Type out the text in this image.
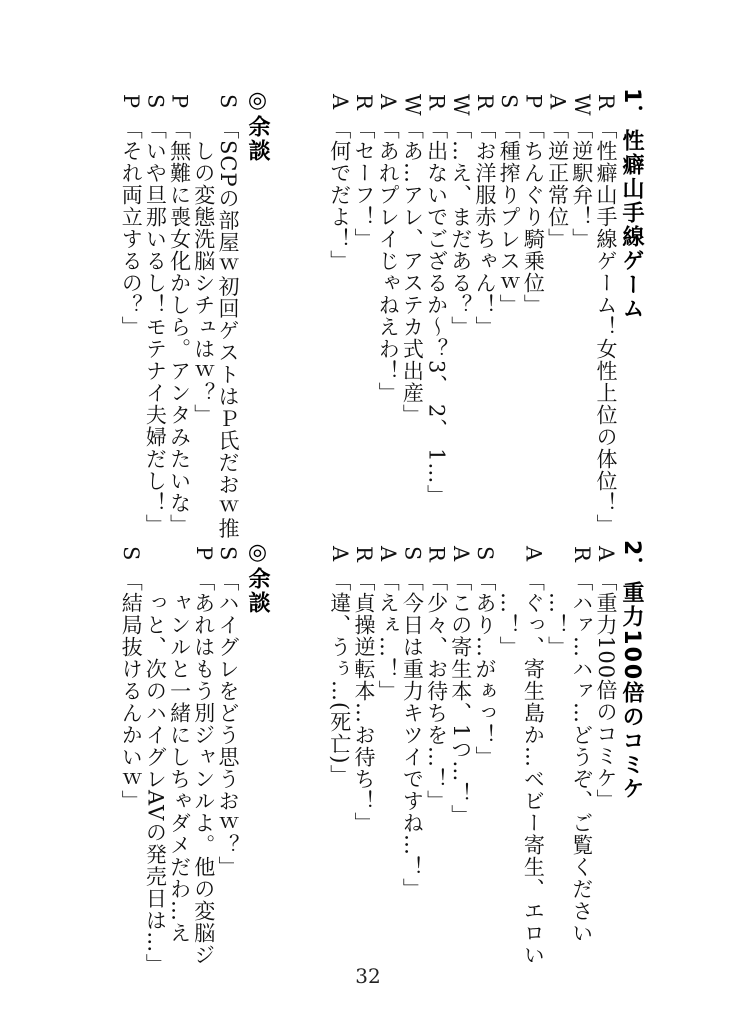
1．性癖山手線ゲーム
R
「性癖山手線ゲーム！女性上位の体位！」
W
「逆駅弁！」
A
「逆正常位」
P
「ちんぐり騎乗位」
S
「種搾りプレスｗ」
R
「お洋服赤ちゃん！」
W
「…え、まだある？」
R
「出ないでござるか～？3、 2、 1…」
W
「あ…アレ、アステカ式出産」
A
「あれプレイじゃねえわ！」
R
「セーフ！」
A
「何でだよ！」
◎余談
S
「SCPの部屋ｗ初回ゲストはＰ氏だおｗ推
　しの変態洗脳シチュはｗ？」
P
「無難に喪女化かしら。アンタみたいな」
S
「いや旦那いるし！モテナイ夫婦だし！」
P
「それ両立するの？」
2．重力100倍のコミケ
A
「重力100倍のコミケ」
R
「ハァ…ハァ…どうぞ、ご覧ください
　…！」
A
「ぐっ、寄生島か…ベビー寄生、エロい
　…！」
S
「あり…がぁっ！」
A
「この寄生本、1つ…！」
R
「少々、お待ちを…！」
S
「今日は重力キツイですね…！」
A
「えぇ…！」
R
「貞操逆転本…お待ち！」
A
「違、うぅ…(死亡)」
◎余談
S
「ハイグレをどう思うおｗ？」
P
「あれはもう別ジャンルよ。他の変脳ジ
　ャンルと一緒にしちゃダメだわ…え
　っと、次のハイグレAVの発売日は…」
S
「結局抜けるんかいｗ」
32
